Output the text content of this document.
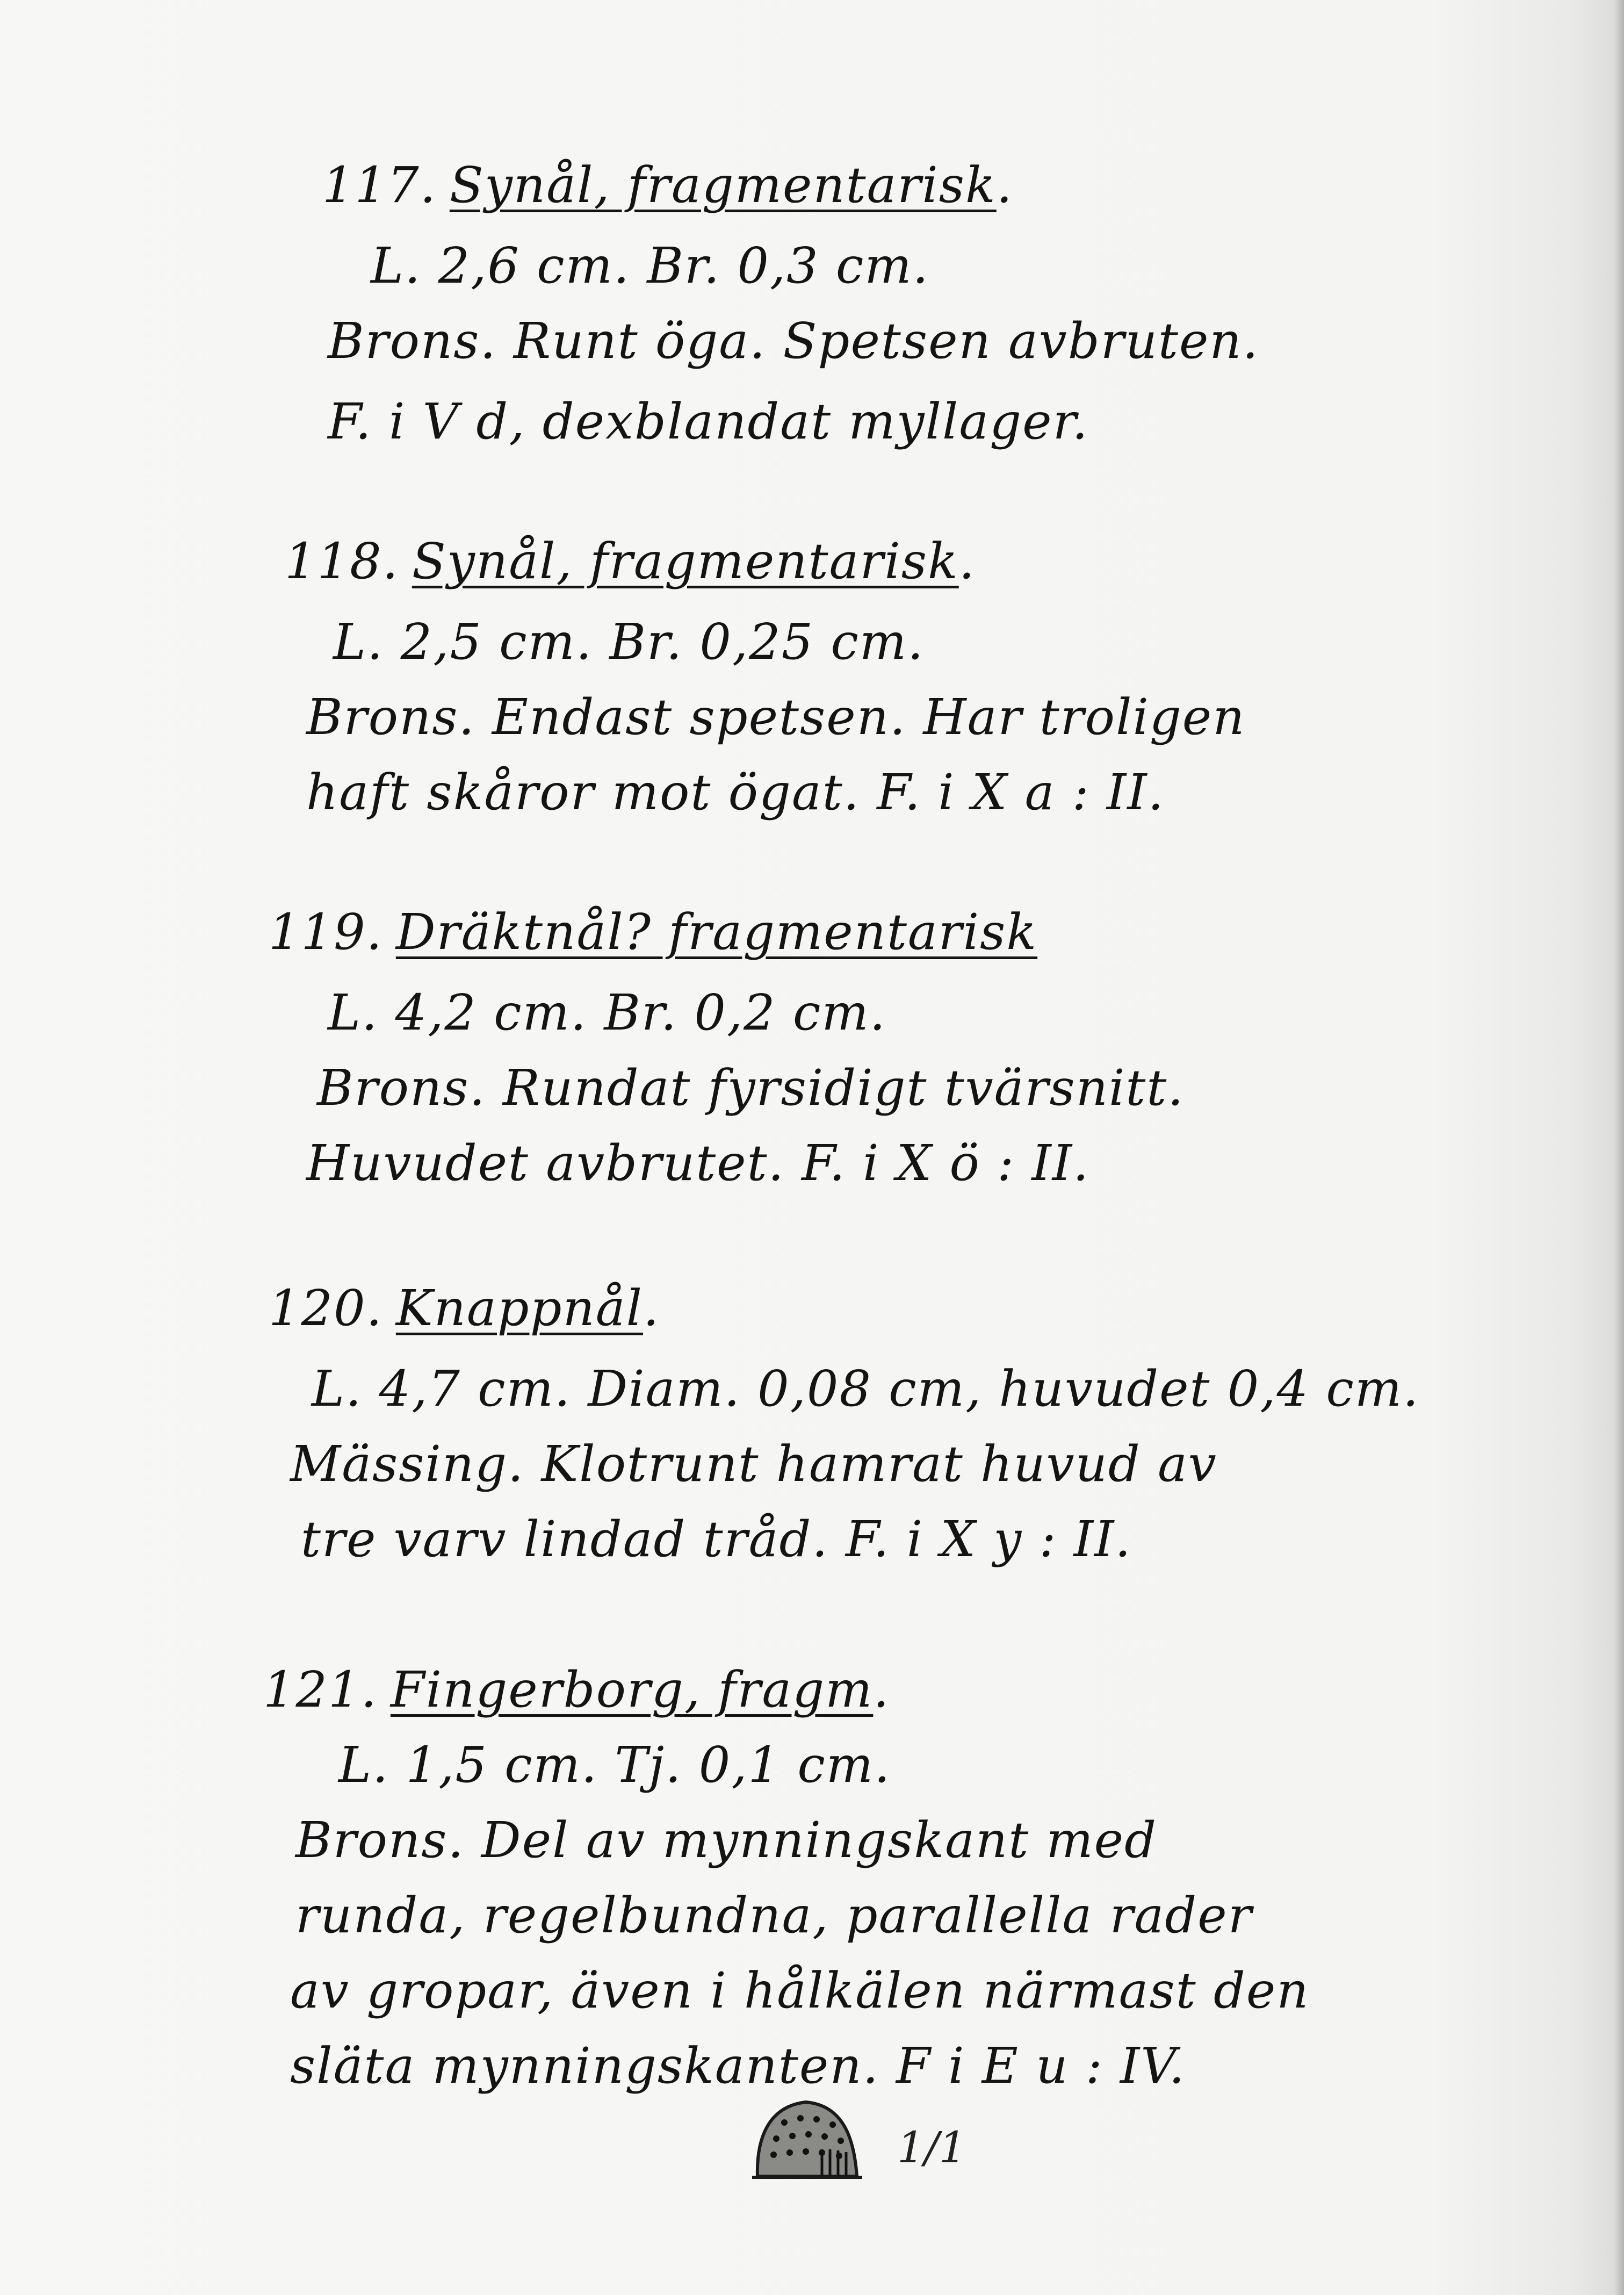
117. Synål, fragmentarisk.
L. 2,6 cm. Br. 0,3 cm.
Brons. Runt öga. Spetsen avbruten.
F. i V d, dexblandat myllager.
118. Synål, fragmentarisk.
L. 2,5 cm. Br. 0,25 cm.
Brons. Endast spetsen. Har troligen
haft skåror mot ögat. F. i X a : II.
119. Dräktnål? fragmentarisk
L. 4,2 cm. Br. 0,2 cm.
Brons. Rundat fyrsidigt tvärsnitt.
Huvudet avbrutet. F. i X ö : II.
120. Knappnål.
L. 4,7 cm. Diam. 0,08 cm, huvudet 0,4 cm.
Mässing. Klotrunt hamrat huvud av
tre varv lindad tråd. F. i X y : II.
121. Fingerborg, fragm.
L. 1,5 cm. Tj. 0,1 cm.
Brons. Del av mynningskant med
runda, regelbundna, parallella rader
av gropar, även i hålkälen närmast den
släta mynningskanten. F i E u : IV.
1/1
